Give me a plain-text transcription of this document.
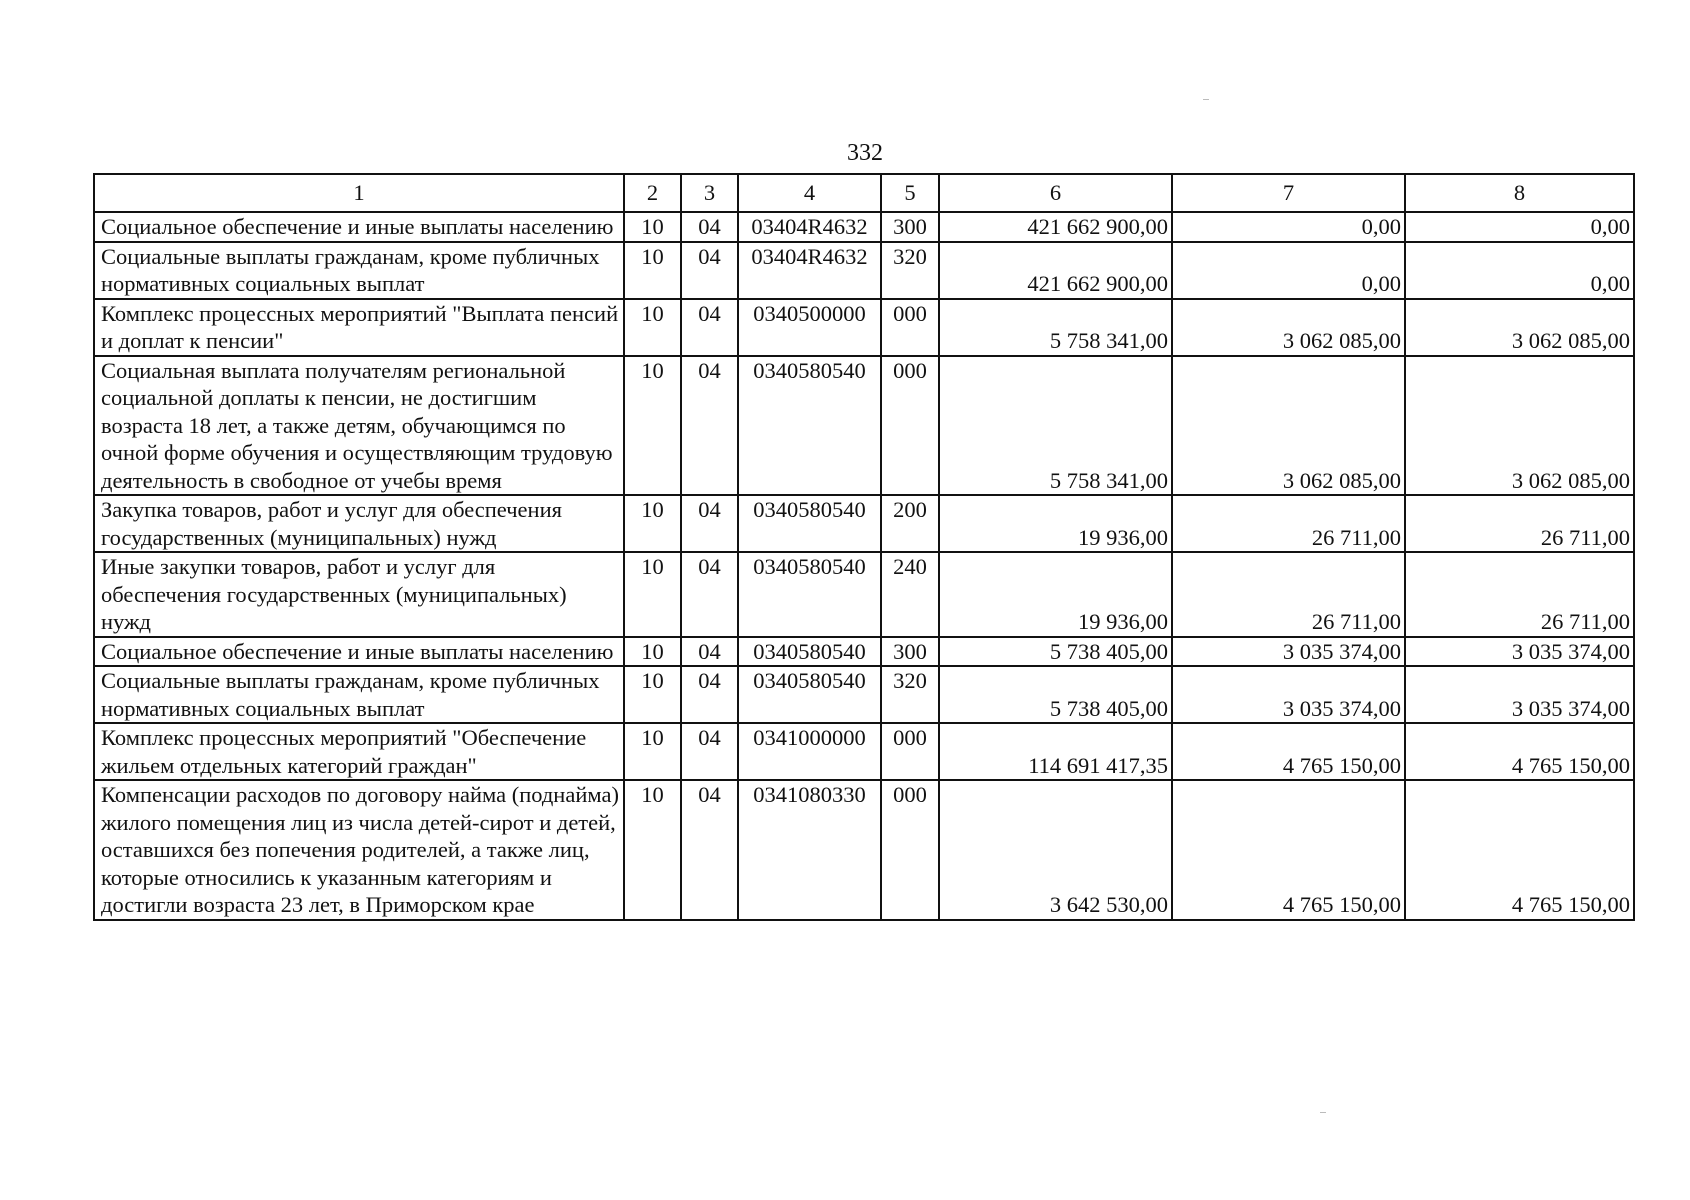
332
1	2	3	4	5	6	7	8
Социальное обеспечение и иные выплаты населению	10	04	03404R4632	300	421 662 900,00	0,00	0,00
Социальные выплаты гражданам, кроме публичных нормативных социальных выплат	10	04	03404R4632	320	421 662 900,00	0,00	0,00
Комплекс процессных мероприятий "Выплата пенсий и доплат к пенсии"	10	04	0340500000	000	5 758 341,00	3 062 085,00	3 062 085,00
Социальная выплата получателям региональной социальной доплаты к пенсии, не достигшим возраста 18 лет, а также детям, обучающимся по очной форме обучения и осуществляющим трудовую деятельность в свободное от учебы время	10	04	0340580540	000	5 758 341,00	3 062 085,00	3 062 085,00
Закупка товаров, работ и услуг для обеспечения государственных (муниципальных) нужд	10	04	0340580540	200	19 936,00	26 711,00	26 711,00
Иные закупки товаров, работ и услуг для обеспечения государственных (муниципальных) нужд	10	04	0340580540	240	19 936,00	26 711,00	26 711,00
Социальное обеспечение и иные выплаты населению	10	04	0340580540	300	5 738 405,00	3 035 374,00	3 035 374,00
Социальные выплаты гражданам, кроме публичных нормативных социальных выплат	10	04	0340580540	320	5 738 405,00	3 035 374,00	3 035 374,00
Комплекс процессных мероприятий "Обеспечение жильем отдельных категорий граждан"	10	04	0341000000	000	114 691 417,35	4 765 150,00	4 765 150,00
Компенсации расходов по договору найма (поднайма) жилого помещения лиц из числа детей-сирот и детей, оставшихся без попечения родителей, а также лиц, которые относились к указанным категориям и достигли возраста 23 лет, в Приморском крае	10	04	0341080330	000	3 642 530,00	4 765 150,00	4 765 150,00
